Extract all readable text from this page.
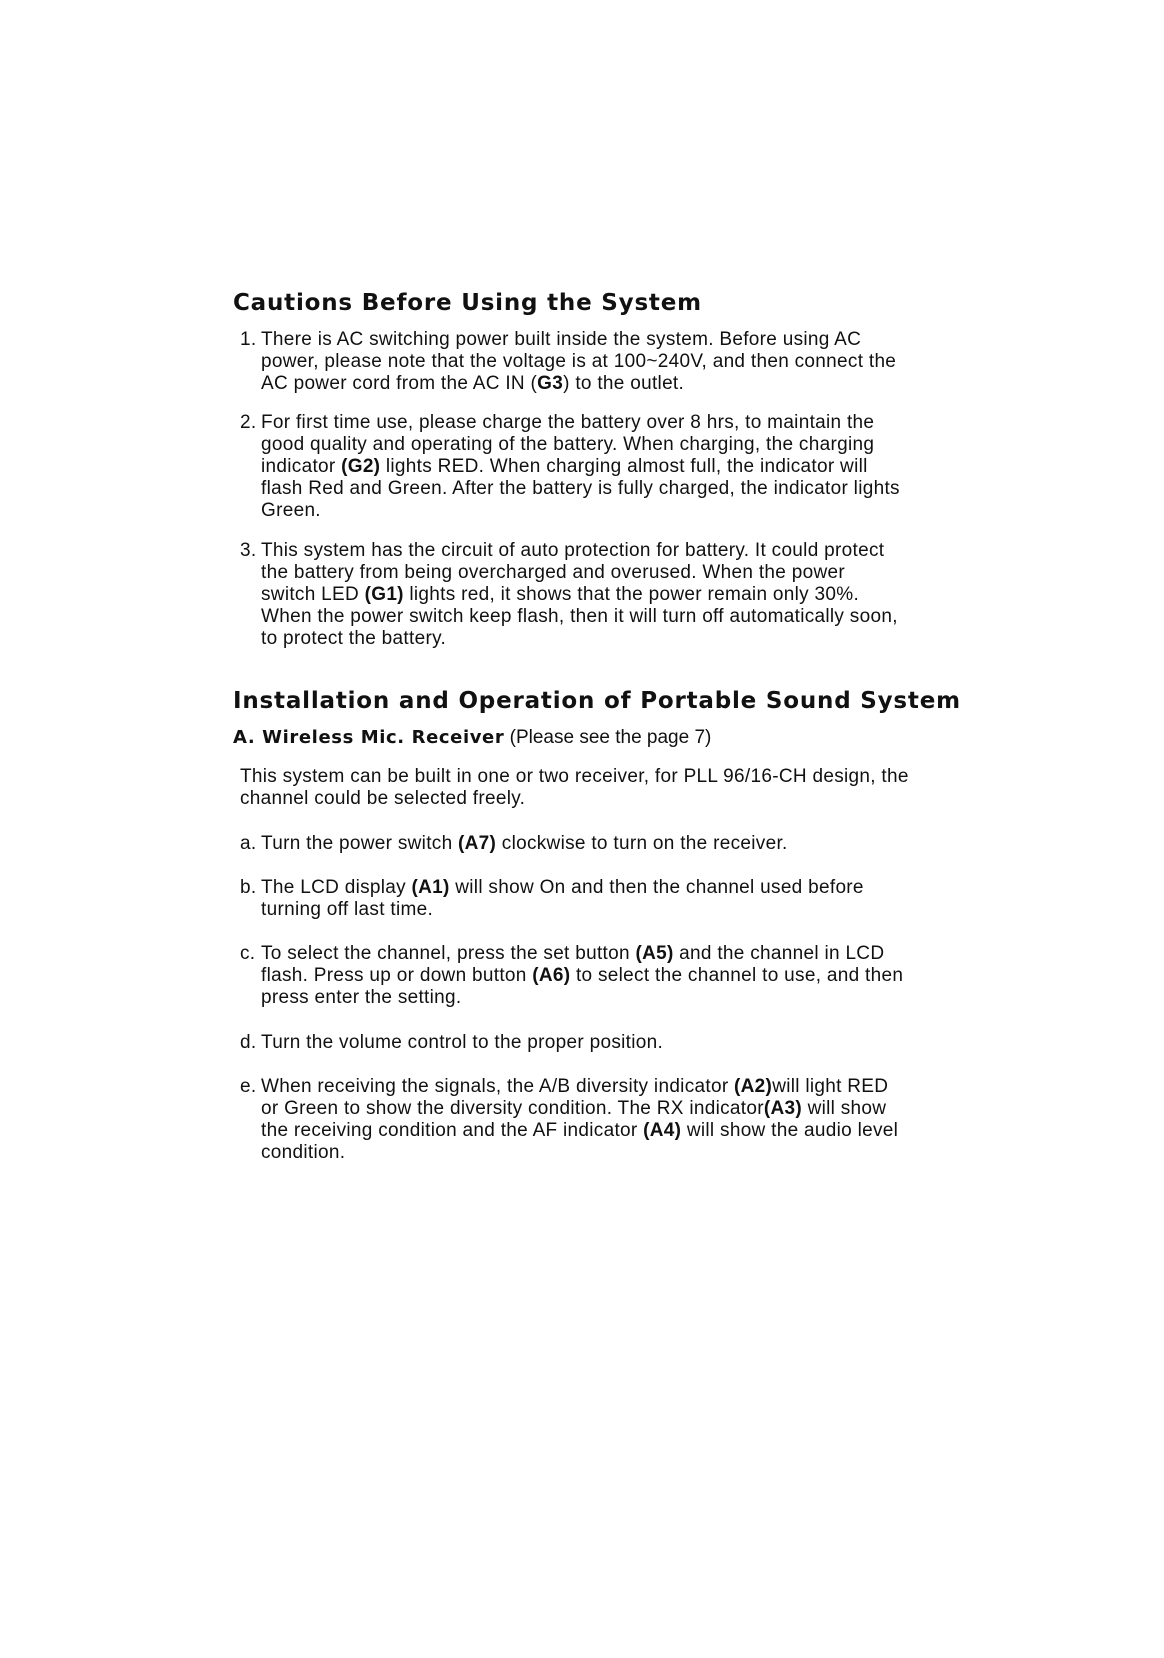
Cautions Before Using the System
1. There is AC switching power built inside the system. Before using AC
power, please note that the voltage is at 100~240V, and then connect the
AC power cord from the AC IN (G3) to the outlet.
2. For first time use, please charge the battery over 8 hrs, to maintain the
good quality and operating of the battery. When charging, the charging
indicator (G2) lights RED. When charging almost full, the indicator will
flash Red and Green. After the battery is fully charged, the indicator lights
Green.
3. This system has the circuit of auto protection for battery. It could protect
the battery from being overcharged and overused. When the power
switch LED (G1) lights red, it shows that the power remain only 30%.
When the power switch keep flash, then it will turn off automatically soon,
to protect the battery.
Installation and Operation of Portable Sound System
A. Wireless Mic. Receiver (Please see the page 7)
This system can be built in one or two receiver, for PLL 96/16-CH design, the
channel could be selected freely.
a. Turn the power switch (A7) clockwise to turn on the receiver.
b. The LCD display (A1) will show On and then the channel used before
turning off last time.
c. To select the channel, press the set button (A5) and the channel in LCD
flash. Press up or down button (A6) to select the channel to use, and then
press enter the setting.
d. Turn the volume control to the proper position.
e. When receiving the signals, the A/B diversity indicator (A2)will light RED
or Green to show the diversity condition. The RX indicator(A3) will show
the receiving condition and the AF indicator (A4) will show the audio level
condition.
